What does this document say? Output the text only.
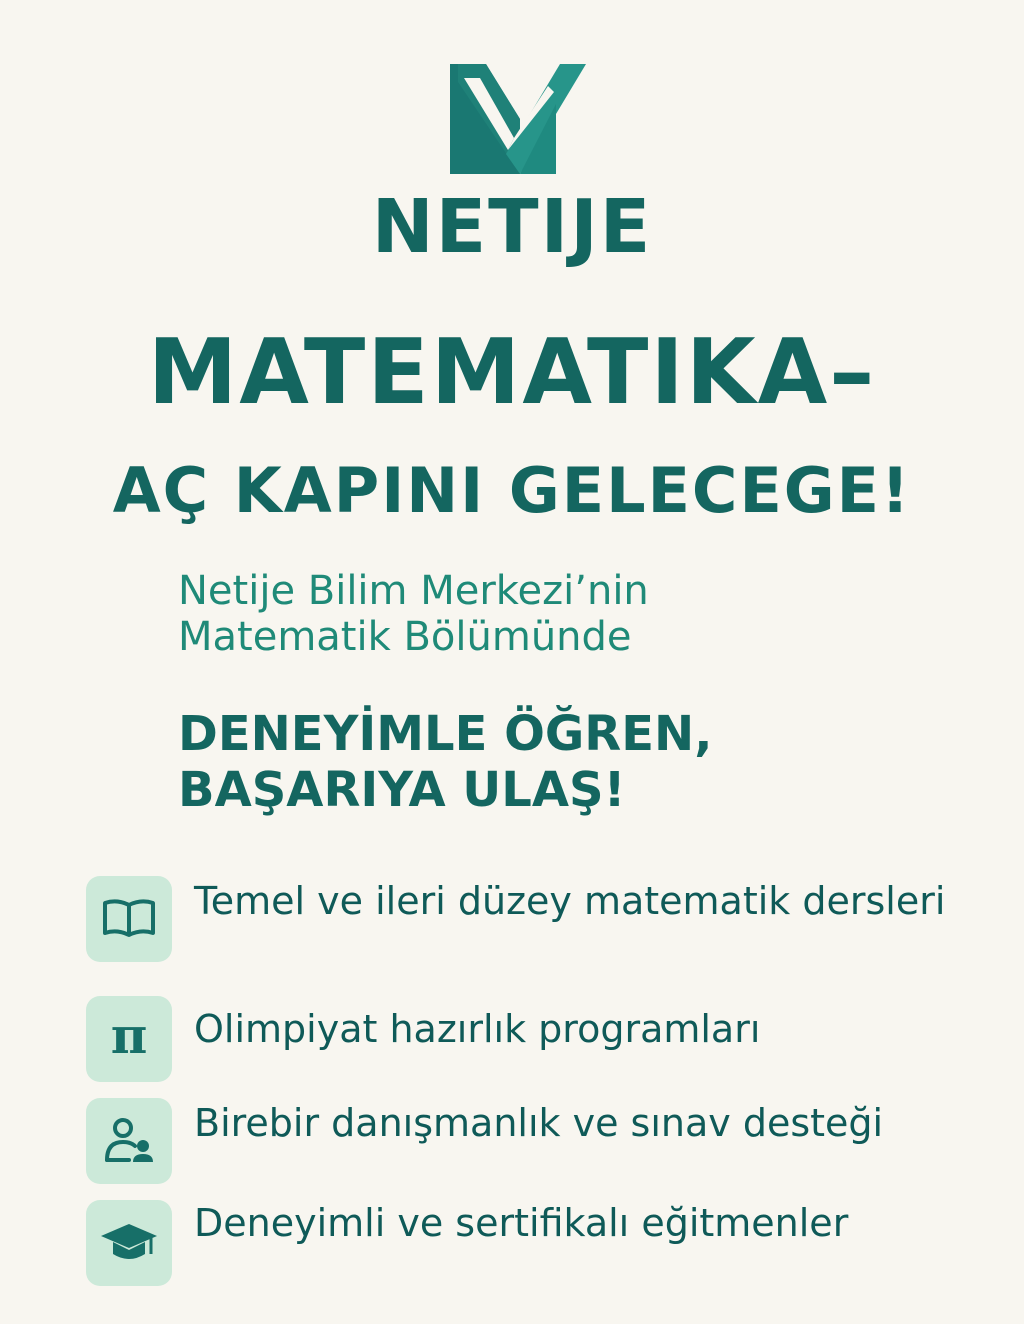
NETIJE
MATEMATIKA–
AÇ KAPINI GELECEGE!
Netije Bilim Merkezi’nin
Matematik Bölümünde
DENEYİMLE ÖĞREN,
BAŞARIYA ULAŞ!
Temel ve ileri düzey matematik dersleri
π Olimpiyat hazırlık programları
Birebir danışmanlık ve sınav desteği
Deneyimli ve sertifikalı eğitmenler
